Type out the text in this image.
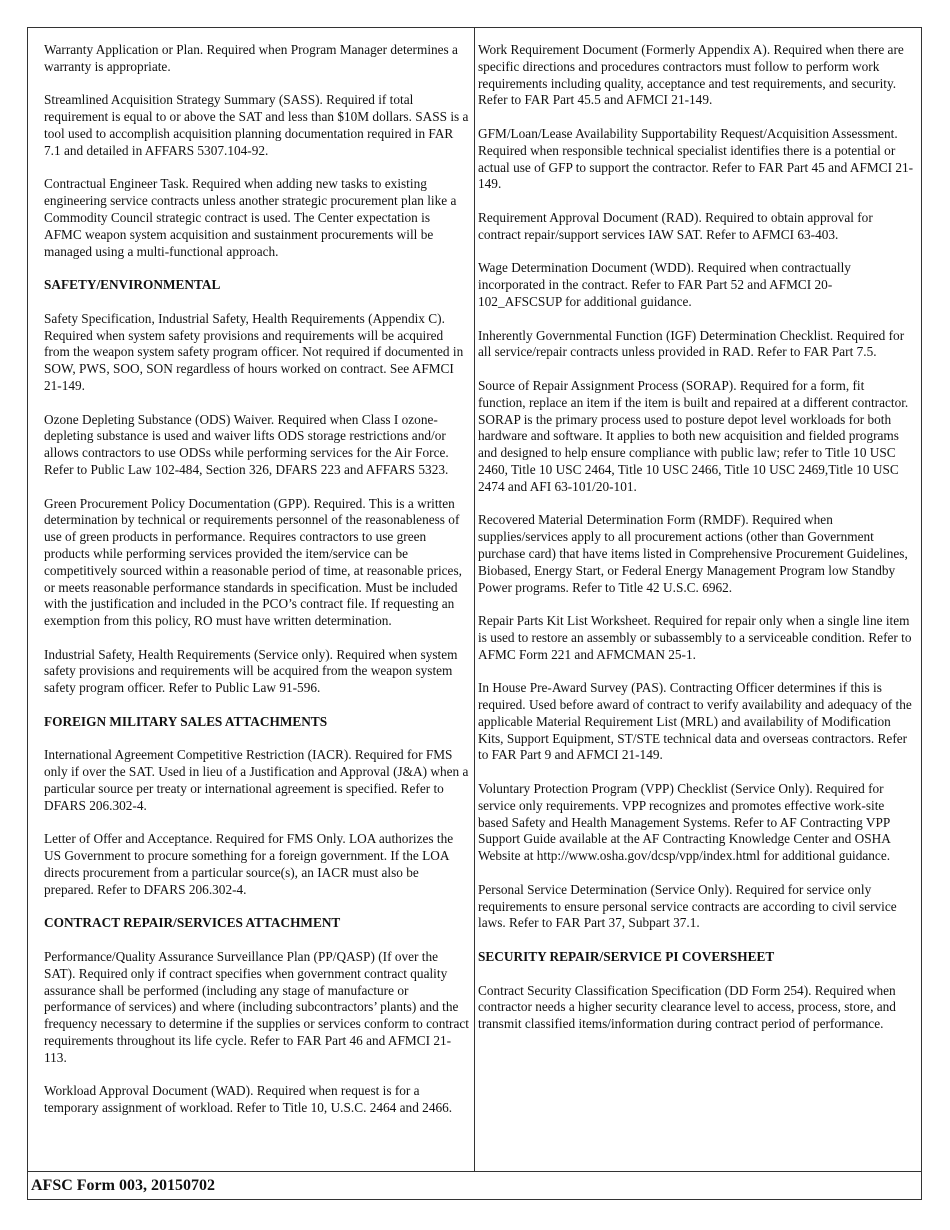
Warranty Application or Plan. Required when Program Manager determines a warranty is appropriate.

Streamlined Acquisition Strategy Summary (SASS). Required if total requirement is equal to or above the SAT and less than $10M dollars. SASS is a tool used to accomplish acquisition planning documentation required in FAR 7.1 and detailed in AFFARS 5307.104-92.

Contractual Engineer Task. Required when adding new tasks to existing engineering service contracts unless another strategic procurement plan like a Commodity Council strategic contract is used. The Center expectation is AFMC weapon system acquisition and sustainment procurements will be managed using a multi-functional approach.

SAFETY/ENVIRONMENTAL

Safety Specification, Industrial Safety, Health Requirements (Appendix C). Required when system safety provisions and requirements will be acquired from the weapon system safety program officer. Not required if documented in SOW, PWS, SOO, SON regardless of hours worked on contract. See AFMCI 21-149.

Ozone Depleting Substance (ODS) Waiver. Required when Class I ozone-depleting substance is used and waiver lifts ODS storage restrictions and/or allows contractors to use ODSs while performing services for the Air Force. Refer to Public Law 102-484, Section 326, DFARS 223 and AFFARS 5323.

Green Procurement Policy Documentation (GPP). Required. This is a written determination by technical or requirements personnel of the reasonableness of use of green products in performance. Requires contractors to use green products while performing services provided the item/service can be competitively sourced within a reasonable period of time, at reasonable prices, or meets reasonable performance standards in specification. Must be included with the justification and included in the PCO’s contract file. If requesting an exemption from this policy, RO must have written determination.

Industrial Safety, Health Requirements (Service only). Required when system safety provisions and requirements will be acquired from the weapon system safety program officer. Refer to Public Law 91-596.

FOREIGN MILITARY SALES ATTACHMENTS

International Agreement Competitive Restriction (IACR). Required for FMS only if over the SAT. Used in lieu of a Justification and Approval (J&A) when a particular source per treaty or international agreement is specified. Refer to DFARS 206.302-4.

Letter of Offer and Acceptance. Required for FMS Only. LOA authorizes the US Government to procure something for a foreign government. If the LOA directs procurement from a particular source(s), an IACR must also be prepared. Refer to DFARS 206.302-4.

CONTRACT REPAIR/SERVICES ATTACHMENT

Performance/Quality Assurance Surveillance Plan (PP/QASP) (If over the SAT). Required only if contract specifies when government contract quality assurance shall be performed (including any stage of manufacture or performance of services) and where (including subcontractors’ plants) and the frequency necessary to determine if the supplies or services conform to contract requirements throughout its life cycle. Refer to FAR Part 46 and AFMCI 21-113.

Workload Approval Document (WAD). Required when request is for a temporary assignment of workload. Refer to Title 10, U.S.C. 2464 and 2466.

Work Requirement Document (Formerly Appendix A). Required when there are specific directions and procedures contractors must follow to perform work requirements including quality, acceptance and test requirements, and security. Refer to FAR Part 45.5 and AFMCI 21-149.

GFM/Loan/Lease Availability Supportability Request/Acquisition Assessment. Required when responsible technical specialist identifies there is a potential or actual use of GFP to support the contractor. Refer to FAR Part 45 and AFMCI 21-149.

Requirement Approval Document (RAD). Required to obtain approval for contract repair/support services IAW SAT. Refer to AFMCI 63-403.

Wage Determination Document (WDD). Required when contractually incorporated in the contract. Refer to FAR Part 52 and AFMCI 20-102_AFSCSUP for additional guidance.

Inherently Governmental Function (IGF) Determination Checklist. Required for all service/repair contracts unless provided in RAD. Refer to FAR Part 7.5.

Source of Repair Assignment Process (SORAP). Required for a form, fit function, replace an item if the item is built and repaired at a different contractor. SORAP is the primary process used to posture depot level workloads for both hardware and software. It applies to both new acquisition and fielded programs and designed to help ensure compliance with public law; refer to Title 10 USC 2460, Title 10 USC 2464, Title 10 USC 2466, Title 10 USC 2469,Title 10 USC 2474 and AFI 63-101/20-101.

Recovered Material Determination Form (RMDF). Required when supplies/services apply to all procurement actions (other than Government purchase card) that have items listed in Comprehensive Procurement Guidelines, Biobased, Energy Start, or Federal Energy Management Program low Standby Power programs. Refer to Title 42 U.S.C. 6962.

Repair Parts Kit List Worksheet. Required for repair only when a single line item is used to restore an assembly or subassembly to a serviceable condition. Refer to AFMC Form 221 and AFMCMAN 25-1.

In House Pre-Award Survey (PAS). Contracting Officer determines if this is required. Used before award of contract to verify availability and adequacy of the applicable Material Requirement List (MRL) and availability of Modification Kits, Support Equipment, ST/STE technical data and overseas contractors. Refer to FAR Part 9 and AFMCI 21-149.

Voluntary Protection Program (VPP) Checklist (Service Only). Required for service only requirements. VPP recognizes and promotes effective work-site based Safety and Health Management Systems. Refer to AF Contracting VPP Support Guide available at the AF Contracting Knowledge Center and OSHA Website at http://www.osha.gov/dcsp/vpp/index.html for additional guidance.

Personal Service Determination (Service Only). Required for service only requirements to ensure personal service contracts are according to civil service laws. Refer to FAR Part 37, Subpart 37.1.

SECURITY REPAIR/SERVICE PI COVERSHEET

Contract Security Classification Specification (DD Form 254). Required when contractor needs a higher security clearance level to access, process, store, and transmit classified items/information during contract period of performance.

AFSC Form 003, 20150702
